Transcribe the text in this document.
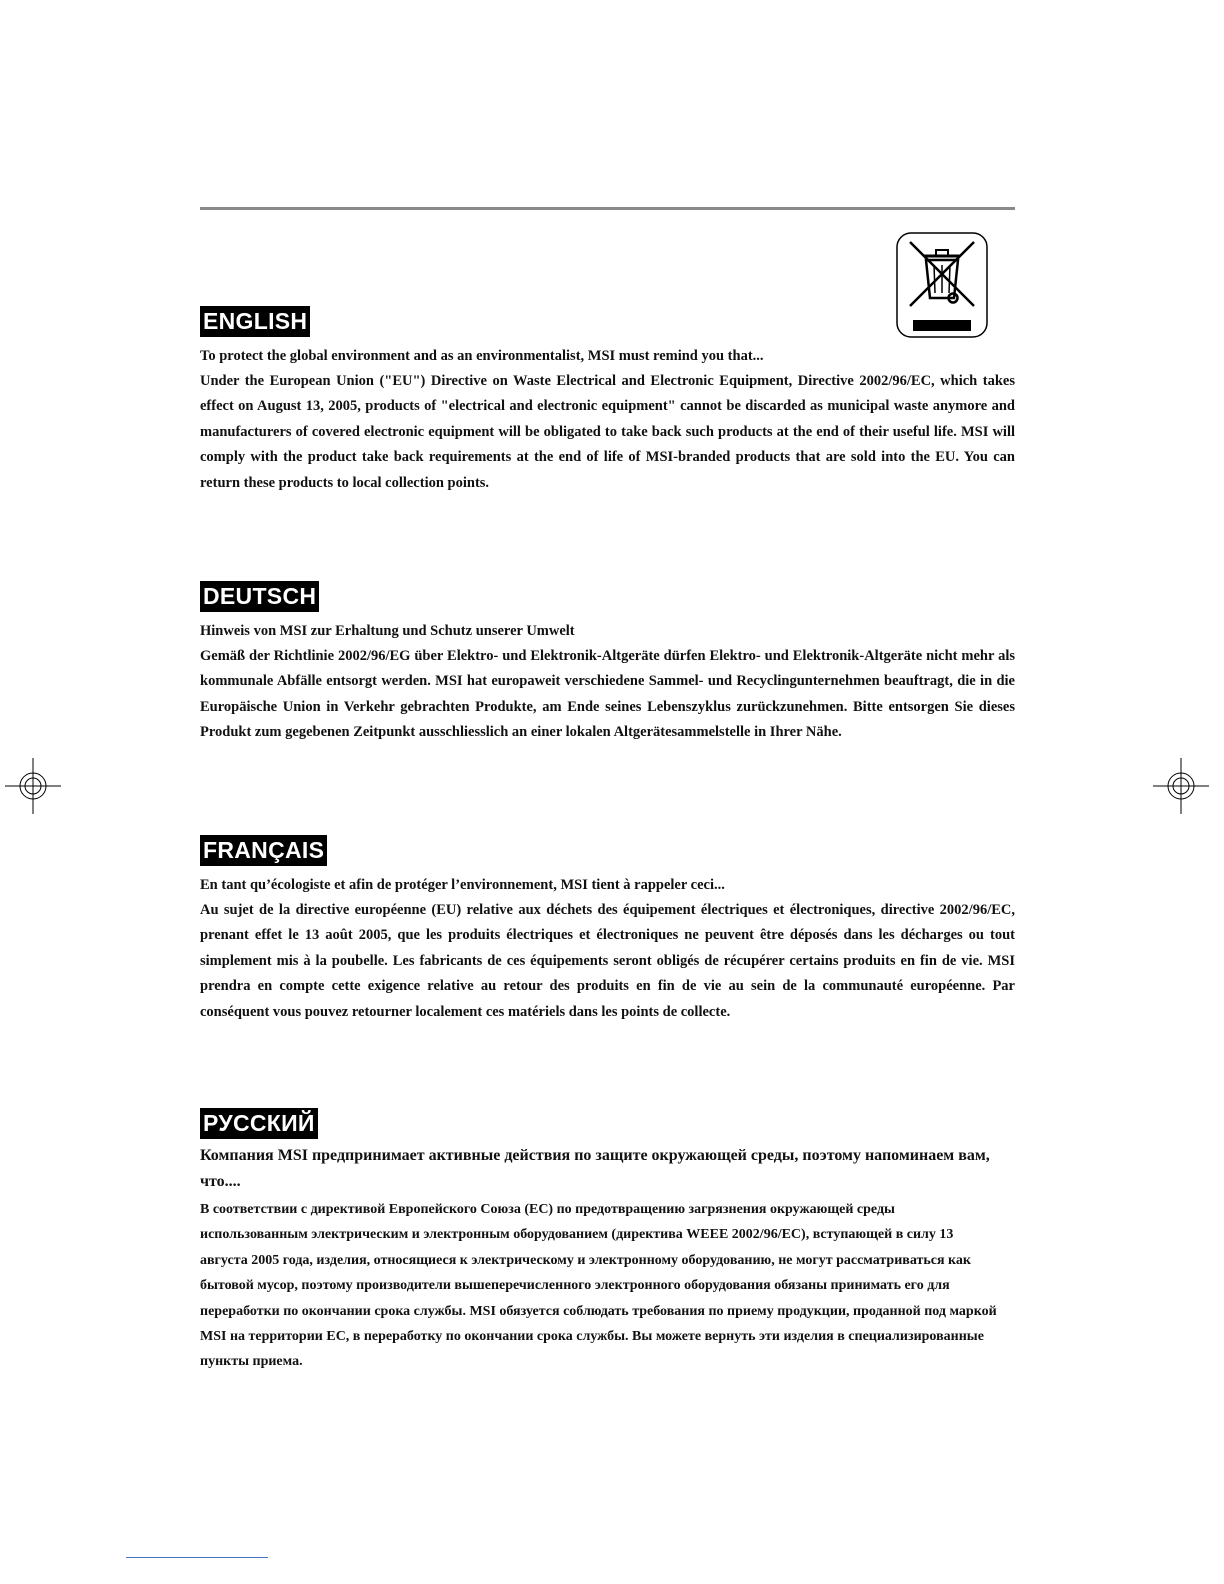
ENGLISH

To protect the global environment and as an environmentalist, MSI must remind you that...

Under the European Union ("EU") Directive on Waste Electrical and Electronic Equipment, Directive 2002/96/EC, which takes effect on August 13, 2005, products of "electrical and electronic equipment" cannot be discarded as municipal waste anymore and manufacturers of covered electronic equipment will be obligated to take back such products at the end of their useful life. MSI will comply with the product take back requirements at the end of life of MSI-branded products that are sold into the EU. You can return these products to local collection points.

DEUTSCH

Hinweis von MSI zur Erhaltung und Schutz unserer Umwelt

Gemäß der Richtlinie 2002/96/EG über Elektro- und Elektronik-Altgeräte dürfen Elektro- und Elektronik-Altgeräte nicht mehr als kommunale Abfälle entsorgt werden. MSI hat europaweit verschiedene Sammel- und Recyclingunternehmen beauftragt, die in die Europäische Union in Verkehr gebrachten Produkte, am Ende seines Lebenszyklus zurückzunehmen. Bitte entsorgen Sie dieses Produkt zum gegebenen Zeitpunkt ausschliesslich an einer lokalen Altgerätesammelstelle in Ihrer Nähe.

FRANÇAIS

En tant qu’écologiste et afin de protéger l’environnement, MSI tient à rappeler ceci...

Au sujet de la directive européenne (EU) relative aux déchets des équipement électriques et électroniques, directive 2002/96/EC, prenant effet le 13 août 2005, que les produits électriques et électroniques ne peuvent être déposés dans les décharges ou tout simplement mis à la poubelle. Les fabricants de ces équipements seront obligés de récupérer certains produits en fin de vie. MSI prendra en compte cette exigence relative au retour des produits en fin de vie au sein de la communauté européenne. Par conséquent vous pouvez retourner localement ces matériels dans les points de collecte.

РУССКИЙ

Компания MSI предпринимает активные действия по защите окружающей среды, поэтому напоминаем вам, что....

В соответствии с директивой Европейского Союза (ЕС) по предотвращению загрязнения окружающей среды использованным электрическим и электронным оборудованием (директива WEEE 2002/96/EC), вступающей в силу 13 августа 2005 года, изделия, относящиеся к электрическому и электронному оборудованию, не могут рассматриваться как бытовой мусор, поэтому производители вышеперечисленного электронного оборудования обязаны принимать его для переработки по окончании срока службы. MSI обязуется соблюдать требования по приему продукции, проданной под маркой MSI на территории ЕС, в переработку по окончании срока службы. Вы можете вернуть эти изделия в специализированные пункты приема.
